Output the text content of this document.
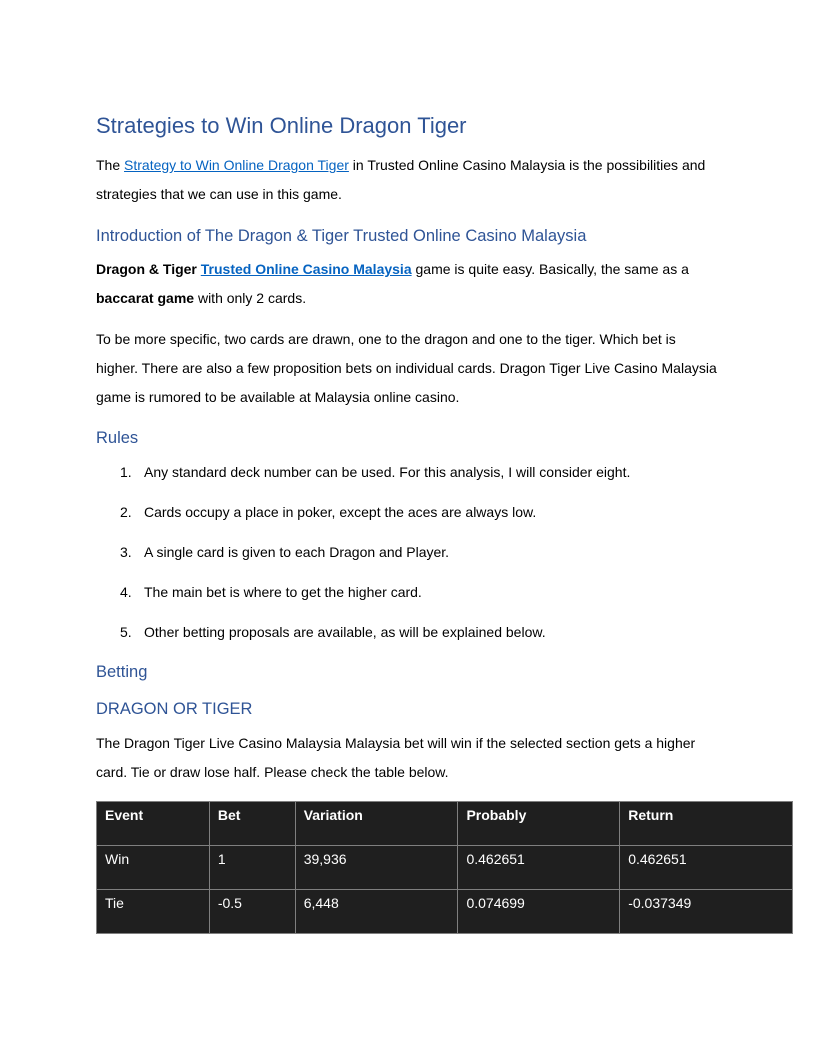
Strategies to Win Online Dragon Tiger

The Strategy to Win Online Dragon Tiger in Trusted Online Casino Malaysia is the possibilities and strategies that we can use in this game.

Introduction of The Dragon & Tiger Trusted Online Casino Malaysia

Dragon & Tiger Trusted Online Casino Malaysia game is quite easy. Basically, the same as a baccarat game with only 2 cards.

To be more specific, two cards are drawn, one to the dragon and one to the tiger. Which bet is higher. There are also a few proposition bets on individual cards. Dragon Tiger Live Casino Malaysia game is rumored to be available at Malaysia online casino.

Rules
1. Any standard deck number can be used. For this analysis, I will consider eight.
2. Cards occupy a place in poker, except the aces are always low.
3. A single card is given to each Dragon and Player.
4. The main bet is where to get the higher card.
5. Other betting proposals are available, as will be explained below.
Betting
DRAGON OR TIGER

The Dragon Tiger Live Casino Malaysia Malaysia bet will win if the selected section gets a higher card. Tie or draw lose half. Please check the table below.

Event	Bet	Variation	Probably	Return
Win	1	39,936	0.462651	0.462651
Tie	-0.5	6,448	0.074699	-0.037349
